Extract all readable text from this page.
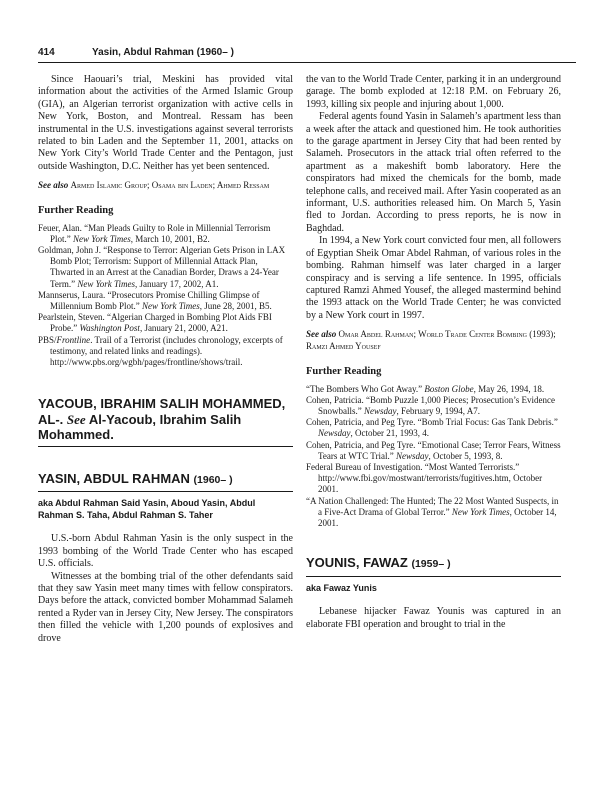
414	Yasin, Abdul Rahman (1960– )

Since Haouari’s trial, Meskini has provided vital information about the activities of the Armed Islamic Group (GIA), an Algerian terrorist organization with active cells in New York, Boston, and Montreal. Ressam has been instrumental in the U.S. investigations against several terrorists related to bin Laden and the September 11, 2001, attacks on New York City’s World Trade Center and the Pentagon, just outside Washington, D.C. Neither has yet been sentenced.

See also Armed Islamic Group; Osama bin Laden; Ahmed Ressam

Further Reading

Feuer, Alan. “Man Pleads Guilty to Role in Millennial Terrorism Plot.” New York Times, March 10, 2001, B2.

Goldman, John J. “Response to Terror: Algerian Gets Prison in LAX Bomb Plot; Terrorism: Support of Millennial Attack Plan, Thwarted in an Arrest at the Canadian Border, Draws a 24-Year Term.” New York Times, January 17, 2002, A1.

Mannserus, Laura. “Prosecutors Promise Chilling Glimpse of Millennium Bomb Plot.” New York Times, June 28, 2001, B5.

Pearlstein, Steven. “Algerian Charged in Bombing Plot Aids FBI Probe.” Washington Post, January 21, 2000, A21.

PBS/Frontline. Trail of a Terrorist (includes chronology, excerpts of testimony, and related links and readings). http://www.pbs.org/wgbh/pages/frontline/shows/trail.

YACOUB, IBRAHIM SALIH MOHAMMED, AL-. See Al-Yacoub, Ibrahim Salih Mohammed.

YASIN, ABDUL RAHMAN (1960– )

aka Abdul Rahman Said Yasin, Aboud Yasin, Abdul Rahman S. Taha, Abdul Rahman S. Taher

U.S.-born Abdul Rahman Yasin is the only suspect in the 1993 bombing of the World Trade Center who has escaped U.S. officials.

Witnesses at the bombing trial of the other defendants said that they saw Yasin meet many times with fellow conspirators. Days before the attack, convicted bomber Mohammad Salameh rented a Ryder van in Jersey City, New Jersey. The conspirators then filled the vehicle with 1,200 pounds of explosives and drove

the van to the World Trade Center, parking it in an underground garage. The bomb exploded at 12:18 P.M. on February 26, 1993, killing six people and injuring about 1,000.

Federal agents found Yasin in Salameh’s apartment less than a week after the attack and questioned him. He took authorities to the garage apartment in Jersey City that had been rented by Salameh. Prosecutors in the attack trial often referred to the apartment as a makeshift bomb laboratory. Here the conspirators had mixed the chemicals for the bomb, made telephone calls, and received mail. After Yasin cooperated as an informant, U.S. authorities released him. On March 5, Yasin fled to Jordan. According to press reports, he is now in Baghdad.

In 1994, a New York court convicted four men, all followers of Egyptian Sheik Omar Abdel Rahman, of various roles in the bombing. Rahman himself was later charged in a larger conspiracy and is serving a life sentence. In 1995, officials captured Ramzi Ahmed Yousef, the alleged mastermind behind the 1993 attack on the World Trade Center; he was convicted by a New York court in 1997.

See also Omar Abdel Rahman; World Trade Center Bombing (1993); Ramzi Ahmed Yousef

Further Reading

“The Bombers Who Got Away.” Boston Globe, May 26, 1994, 18.

Cohen, Patricia. “Bomb Puzzle 1,000 Pieces; Prosecution’s Evidence Snowballs.” Newsday, February 9, 1994, A7.

Cohen, Patricia, and Peg Tyre. “Bomb Trial Focus: Gas Tank Debris.” Newsday, October 21, 1993, 4.

Cohen, Patricia, and Peg Tyre. “Emotional Case; Terror Fears, Witness Tears at WTC Trial.” Newsday, October 5, 1993, 8.

Federal Bureau of Investigation. “Most Wanted Terrorists.” http://www.fbi.gov/mostwant/terrorists/fugitives.htm, October 2001.

“A Nation Challenged: The Hunted; The 22 Most Wanted Suspects, in a Five-Act Drama of Global Terror.” New York Times, October 14, 2001.

YOUNIS, FAWAZ (1959– )

aka Fawaz Yunis

Lebanese hijacker Fawaz Younis was captured in an elaborate FBI operation and brought to trial in the
